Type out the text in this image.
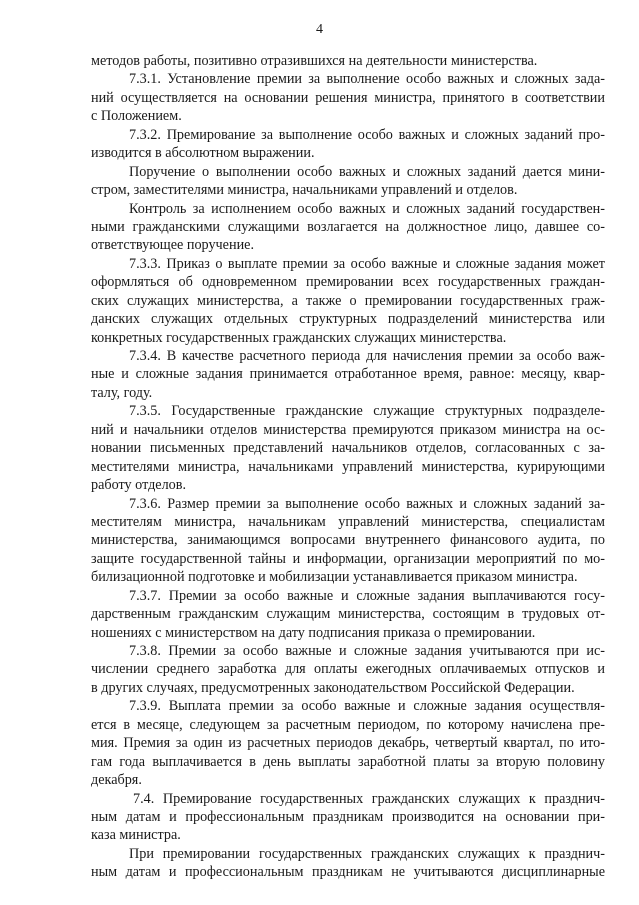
4
методов работы, позитивно отразившихся на деятельности министерства.
7.3.1. Установление премии за выполнение особо важных и сложных зада-
ний осуществляется на основании решения министра, принятого в соответствии
с Положением.
7.3.2. Премирование за выполнение особо важных и сложных заданий про-
изводится в абсолютном выражении.
Поручение о выполнении особо важных и сложных заданий дается мини-
стром, заместителями министра, начальниками управлений и отделов.
Контроль за исполнением особо важных и сложных заданий государствен-
ными гражданскими служащими возлагается на должностное лицо, давшее со-
ответствующее поручение.
7.3.3. Приказ о выплате премии за особо важные и сложные задания может
оформляться об одновременном премировании всех государственных граждан-
ских служащих министерства, а также о премировании государственных граж-
данских служащих отдельных структурных подразделений министерства или
конкретных государственных гражданских служащих министерства.
7.3.4. В качестве расчетного периода для начисления премии за особо важ-
ные и сложные задания принимается отработанное время, равное: месяцу, квар-
талу, году.
7.3.5. Государственные гражданские служащие структурных подразделе-
ний и начальники отделов министерства премируются приказом министра на ос-
новании письменных представлений начальников отделов, согласованных с за-
местителями министра, начальниками управлений министерства, курирующими
работу отделов.
7.3.6. Размер премии за выполнение особо важных и сложных заданий за-
местителям министра, начальникам управлений министерства, специалистам
министерства, занимающимся вопросами внутреннего финансового аудита, по
защите государственной тайны и информации, организации мероприятий по мо-
билизационной подготовке и мобилизации устанавливается приказом министра.
7.3.7. Премии за особо важные и сложные задания выплачиваются госу-
дарственным гражданским служащим министерства, состоящим в трудовых от-
ношениях с министерством на дату подписания приказа о премировании.
7.3.8. Премии за особо важные и сложные задания учитываются при ис-
числении среднего заработка для оплаты ежегодных оплачиваемых отпусков и
в других случаях, предусмотренных законодательством Российской Федерации.
7.3.9. Выплата премии за особо важные и сложные задания осуществля-
ется в месяце, следующем за расчетным периодом, по которому начислена пре-
мия. Премия за один из расчетных периодов декабрь, четвертый квартал, по ито-
гам года выплачивается в день выплаты заработной платы за вторую половину
декабря.
7.4. Премирование государственных гражданских служащих к празднич-
ным датам и профессиональным праздникам производится на основании при-
каза министра.
При премировании государственных гражданских служащих к празднич-
ным датам и профессиональным праздникам не учитываются дисциплинарные
